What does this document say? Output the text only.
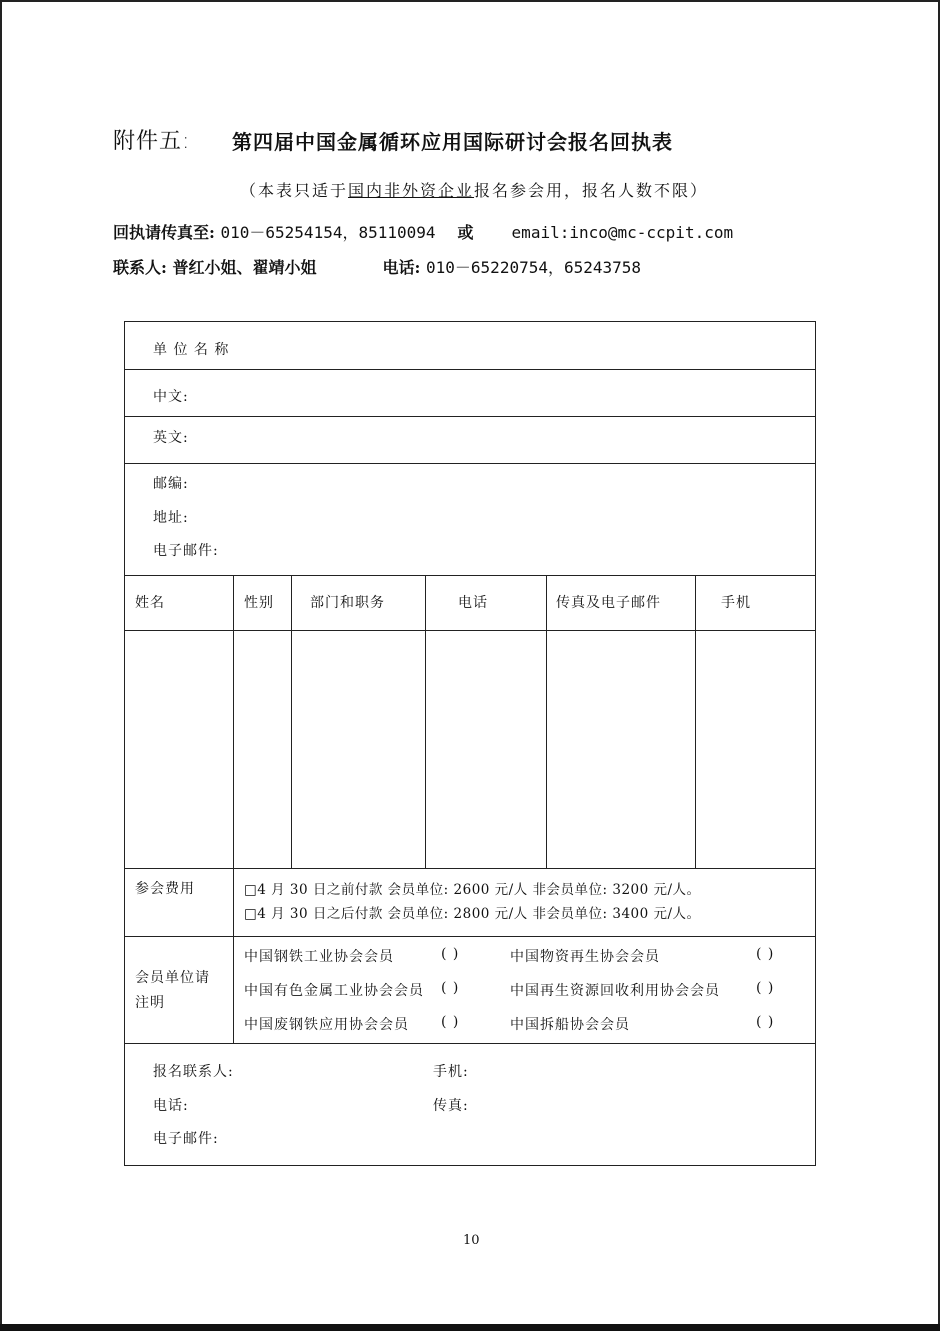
附件五: 第四届中国金属循环应用国际研讨会报名回执表
（本表只适于国内非外资企业报名参会用，报名人数不限）
回执请传真至: 010－65254154，85110094 或 email:inco@mc-ccpit.com
联系人: 普红小姐、翟靖小姐	电话: 010－65220754，65243758
单 位 名 称
中文:
英文:
邮编:
地址:
电子邮件:
姓名	性别	部门和职务	电话	传真及电子邮件	手机
参会费用	□4 月 30 日之前付款 会员单位: 2600 元/人 非会员单位: 3200 元/人。
□4 月 30 日之后付款 会员单位: 2800 元/人 非会员单位: 3400 元/人。
会员单位请
注明
中国钢铁工业协会会员	( )	中国物资再生协会会员	( )
中国有色金属工业协会会员 ( )	中国再生资源回收利用协会会员	( )
中国废钢铁应用协会会员 ( )	中国拆船协会会员	( )
报名联系人:	手机:
电话:	传真:
电子邮件:
10
